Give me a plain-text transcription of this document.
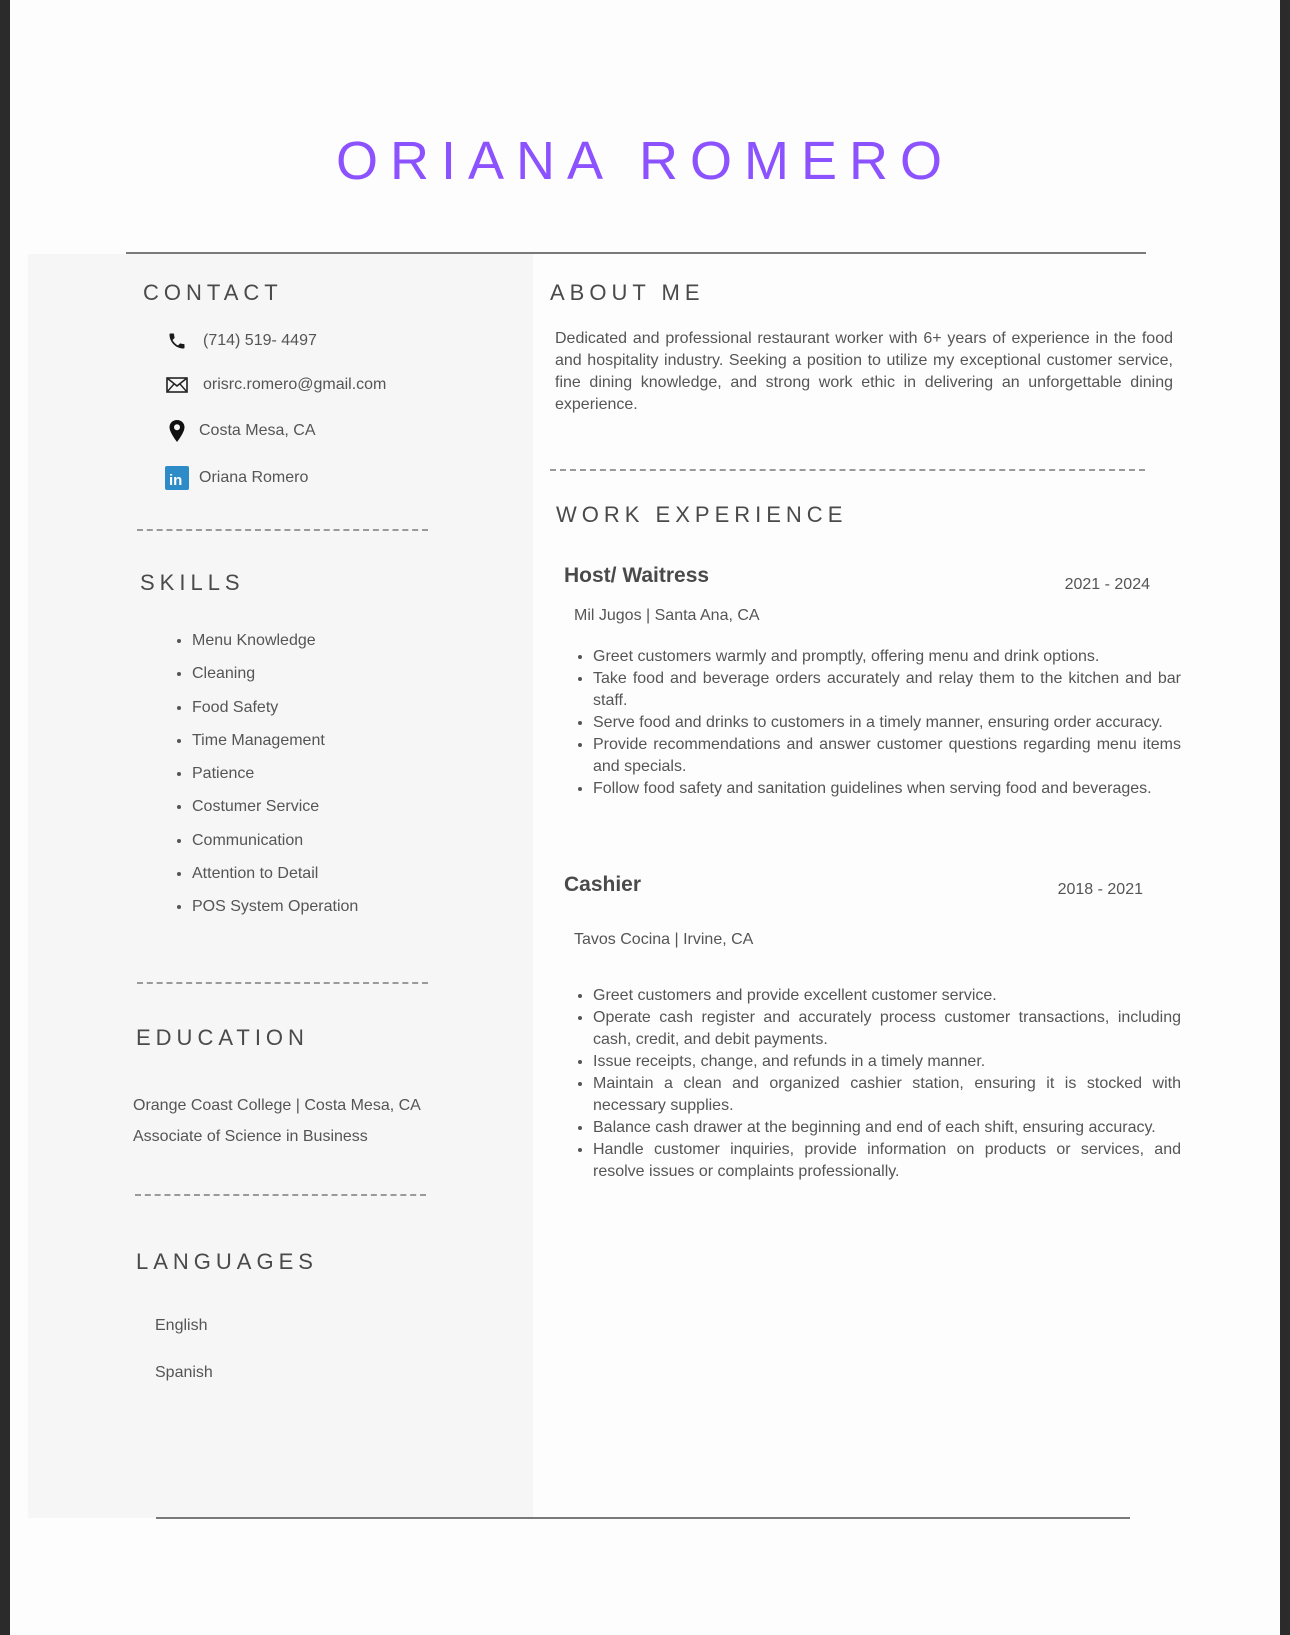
ORIANA ROMERO
CONTACT
(714) 519- 4497
orisrc.romero@gmail.com
Costa Mesa, CA
in Oriana Romero
SKILLS
• Menu Knowledge
• Cleaning
• Food Safety
• Time Management
• Patience
• Costumer Service
• Communication
• Attention to Detail
• POS System Operation
EDUCATION
Orange Coast College | Costa Mesa, CA
Associate of Science in Business
LANGUAGES
English
Spanish
ABOUT ME
Dedicated and professional restaurant worker with 6+ years of experience in the food and hospitality industry. Seeking a position to utilize my exceptional customer service, fine dining knowledge, and strong work ethic in delivering an unforgettable dining experience.
WORK EXPERIENCE
Host/ Waitress	2021 - 2024
Mil Jugos | Santa Ana, CA
• Greet customers warmly and promptly, offering menu and drink options.
• Take food and beverage orders accurately and relay them to the kitchen and bar staff.
• Serve food and drinks to customers in a timely manner, ensuring order accuracy.
• Provide recommendations and answer customer questions regarding menu items and specials.
• Follow food safety and sanitation guidelines when serving food and beverages.
Cashier	2018 - 2021
Tavos Cocina | Irvine, CA
• Greet customers and provide excellent customer service.
• Operate cash register and accurately process customer transactions, including cash, credit, and debit payments.
• Issue receipts, change, and refunds in a timely manner.
• Maintain a clean and organized cashier station, ensuring it is stocked with necessary supplies.
• Balance cash drawer at the beginning and end of each shift, ensuring accuracy.
• Handle customer inquiries, provide information on products or services, and resolve issues or complaints professionally.
